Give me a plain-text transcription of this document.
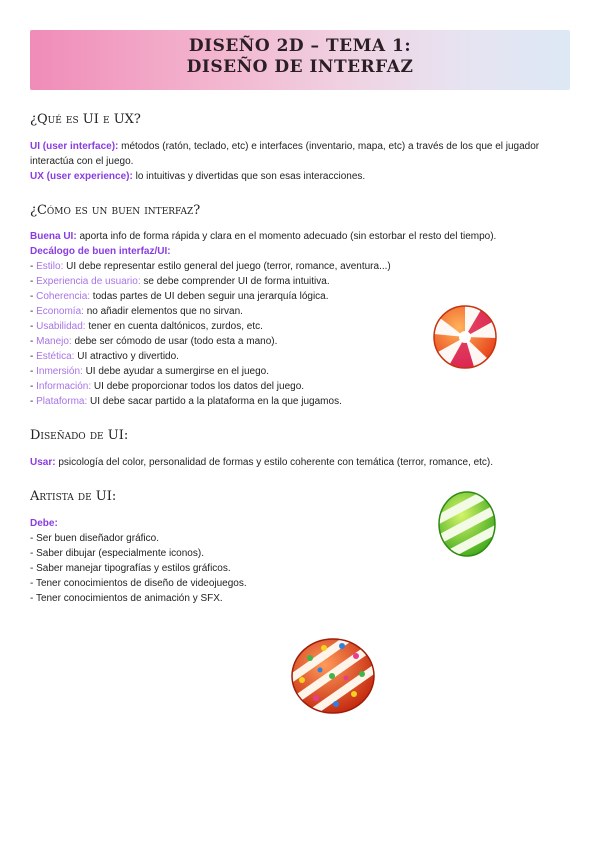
DISEÑO 2D – TEMA 1:
DISEÑO DE INTERFAZ
¿Qué es UI e UX?

UI (user interface): métodos (ratón, teclado, etc) e interfaces (inventario, mapa, etc) a través de los que el jugador interactúa con el juego.

UX (user experience): lo intuitivas y divertidas que son esas interacciones.

¿Cómo es un buen interfaz?

Buena UI: aporta info de forma rápida y clara en el momento adecuado (sin estorbar el resto del tiempo).

Decálogo de buen interfaz/UI:

- Estilo: UI debe representar estilo general del juego (terror, romance, aventura...)
- Experiencia de usuario: se debe comprender UI de forma intuitiva.
- Coherencia: todas partes de UI deben seguir una jerarquía lógica.
- Economía: no añadir elementos que no sirvan.
- Usabilidad: tener en cuenta daltónicos, zurdos, etc.
- Manejo: debe ser cómodo de usar (todo esta a mano).
- Estética: UI atractivo y divertido.
- Inmersión: UI debe ayudar a sumergirse en el juego.
- Información: UI debe proporcionar todos los datos del juego.
- Plataforma: UI debe sacar partido a la plataforma en la que jugamos.
Diseñado de UI:

Usar: psicología del color, personalidad de formas y estilo coherente con temática (terror, romance, etc).

Artista de UI:

Debe:

- Ser buen diseñador gráfico.
- Saber dibujar (especialmente iconos).
- Saber manejar tipografías y estilos gráficos.
- Tener conocimientos de diseño de videojuegos.
- Tener conocimientos de animación y SFX.
